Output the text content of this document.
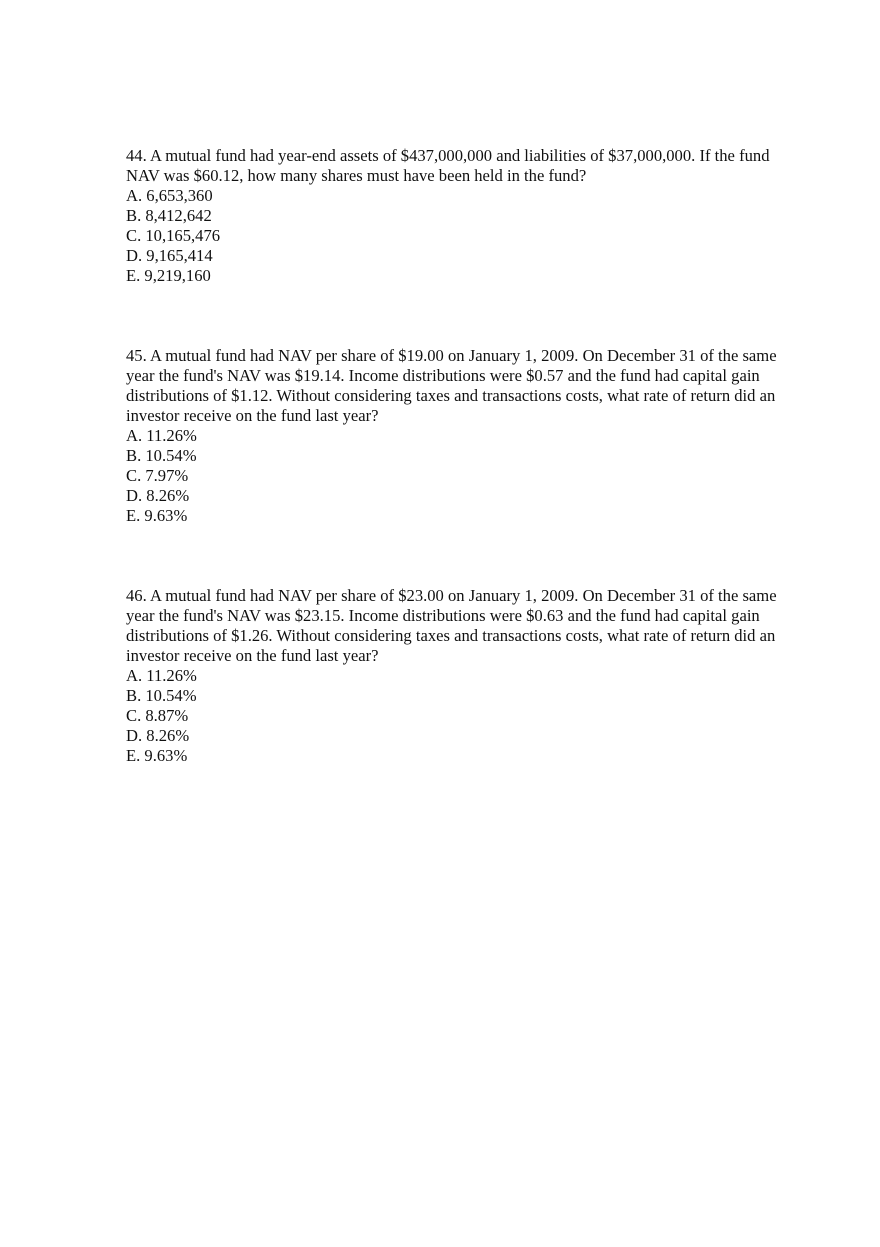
44. A mutual fund had year-end assets of $437,000,000 and liabilities of $37,000,000. If the fund NAV was $60.12, how many shares must have been held in the fund?

A. 6,653,360
B. 8,412,642
C. 10,165,476
D. 9,165,414
E. 9,219,160

45. A mutual fund had NAV per share of $19.00 on January 1, 2009. On December 31 of the same year the fund's NAV was $19.14. Income distributions were $0.57 and the fund had capital gain distributions of $1.12. Without considering taxes and transactions costs, what rate of return did an investor receive on the fund last year?

A. 11.26%
B. 10.54%
C. 7.97%
D. 8.26%
E. 9.63%

46. A mutual fund had NAV per share of $23.00 on January 1, 2009. On December 31 of the same year the fund's NAV was $23.15. Income distributions were $0.63 and the fund had capital gain distributions of $1.26. Without considering taxes and transactions costs, what rate of return did an investor receive on the fund last year?

A. 11.26%
B. 10.54%
C. 8.87%
D. 8.26%
E. 9.63%
